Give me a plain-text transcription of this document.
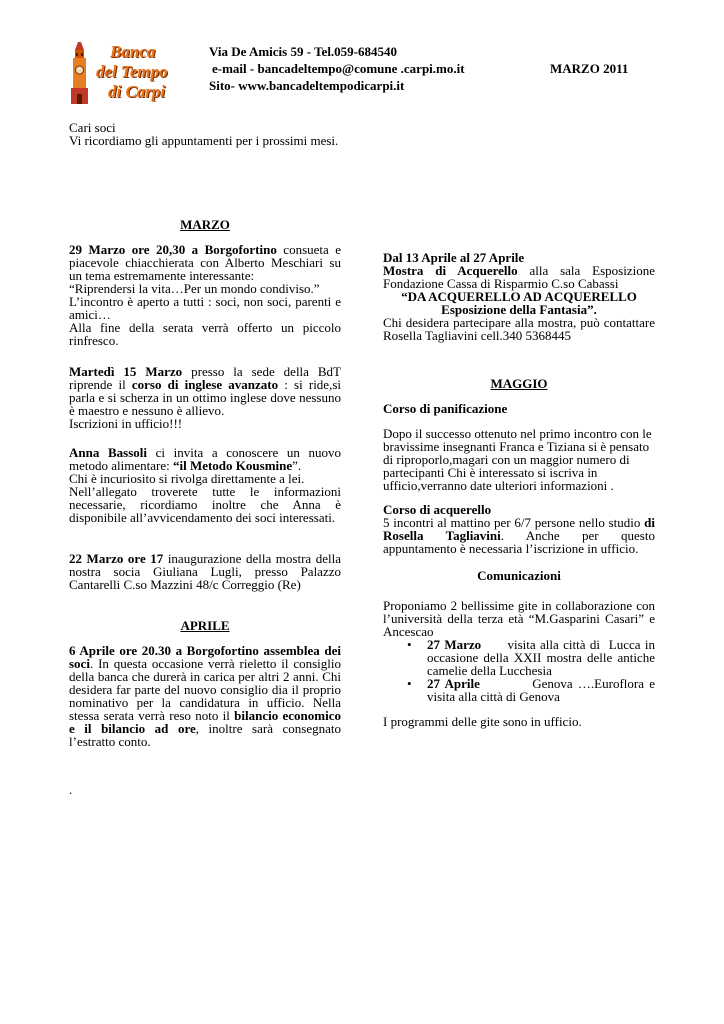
Banca
del Tempo
di Carpi
Via De Amicis 59 - Tel.059-684540
e-mail - bancadeltempo@comune .carpi.mo.it	MARZO 2011
Sito- www.bancadeltempodicarpi.it

Cari soci

Vi ricordiamo gli appuntamenti per i prossimi mesi.

MARZO

29 Marzo ore 20,30 a Borgofortino consueta e piacevole chiacchierata con Alberto Meschiari su un tema estremamente interessante:

“Riprendersi la vita…Per un mondo condiviso.”

L’incontro è aperto a tutti : soci, non soci, parenti e amici…

Alla fine della serata verrà offerto un piccolo rinfresco.

Martedì 15 Marzo presso la sede della BdT riprende il corso di inglese avanzato : si ride,si parla e si scherza in un ottimo inglese dove nessuno è maestro e nessuno è allievo.

Iscrizioni in ufficio!!!

Anna Bassoli ci invita a conoscere un nuovo metodo alimentare: “il Metodo Kousmine”.

Chi è incuriosito si rivolga direttamente a lei.

Nell’allegato troverete tutte le informazioni necessarie, ricordiamo inoltre che Anna è disponibile all’avvicendamento dei soci interessati.

22 Marzo ore 17 inaugurazione della mostra della nostra socia Giuliana Lugli, presso Palazzo Cantarelli C.so Mazzini 48/c Correggio (Re)

APRILE

6 Aprile ore 20.30 a Borgofortino assemblea dei soci. In questa occasione verrà rieletto il consiglio della banca che durerà in carica per altri 2 anni. Chi desidera far parte del nuovo consiglio dia il proprio nominativo per la candidatura in ufficio. Nella stessa serata verrà reso noto il bilancio economico e il bilancio ad ore, inoltre sarà consegnato l’estratto conto.

.

Dal 13 Aprile al 27 Aprile

Mostra di Acquerello alla sala Esposizione Fondazione Cassa di Risparmio C.so Cabassi

“DA ACQUERELLO AD ACQUERELLO

Esposizione della Fantasia”.

Chi desidera partecipare alla mostra, può contattare Rosella Tagliavini cell.340 5368445

MAGGIO

Corso di panificazione

Dopo il successo ottenuto nel primo incontro con le bravissime insegnanti Franca e Tiziana si è pensato di riproporlo,magari con un maggior numero di partecipanti Chi è interessato si iscriva in ufficio,verranno date ulteriori informazioni .

Corso di acquerello

5 incontri al mattino per 6/7 persone nello studio di Rosella Tagliavini. Anche per questo appuntamento è necessaria l’iscrizione in ufficio.

Comunicazioni

Proponiamo 2 bellissime gite in collaborazione con l’università della terza età “M.Gasparini Casari” e Ancescao

• 27 Marzo      visita alla città di  Lucca in occasione della XXII mostra delle antiche camelie della Lucchesia
• 27 Aprile          Genova ….Euroflora e visita alla città di Genova

I programmi delle gite sono in ufficio.
